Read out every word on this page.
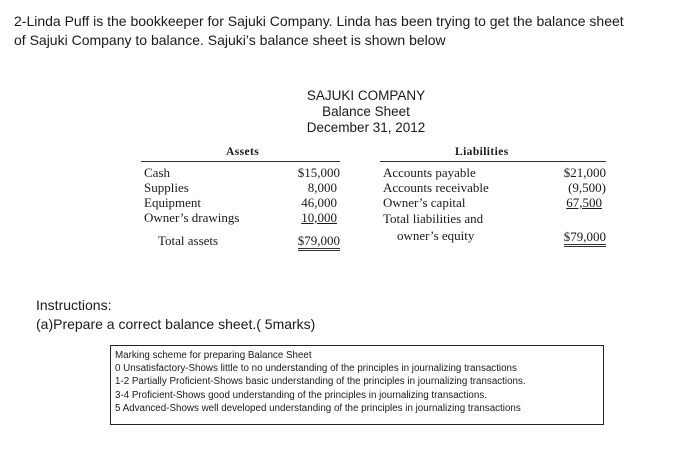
2-Linda Puff is the bookkeeper for Sajuki Company. Linda has been trying to get the balance sheet
of Sajuki Company to balance. Sajuki’s balance sheet is shown below
SAJUKI COMPANY
Balance Sheet
December 31, 2012
Assets
Cash	$15,000
Supplies	8,000
Equipment	46,000
Owner’s drawings	10,000
Total assets	$79,000
Liabilities
Accounts payable	$21,000
Accounts receivable	(9,500)
Owner’s capital	67,500
Total liabilities and
owner’s equity	$79,000
Instructions:
(a)Prepare a correct balance sheet.( 5marks)
Marking scheme for preparing Balance Sheet
0 Unsatisfactory-Shows little to no understanding of the principles in journalizing transactions
1-2 Partially Proficient-Shows basic understanding of the principles in journalizing transactions.
3-4 Proficient-Shows good understanding of the principles in journalizing transactions.
5 Advanced-Shows well developed understanding of the principles in journalizing transactions
